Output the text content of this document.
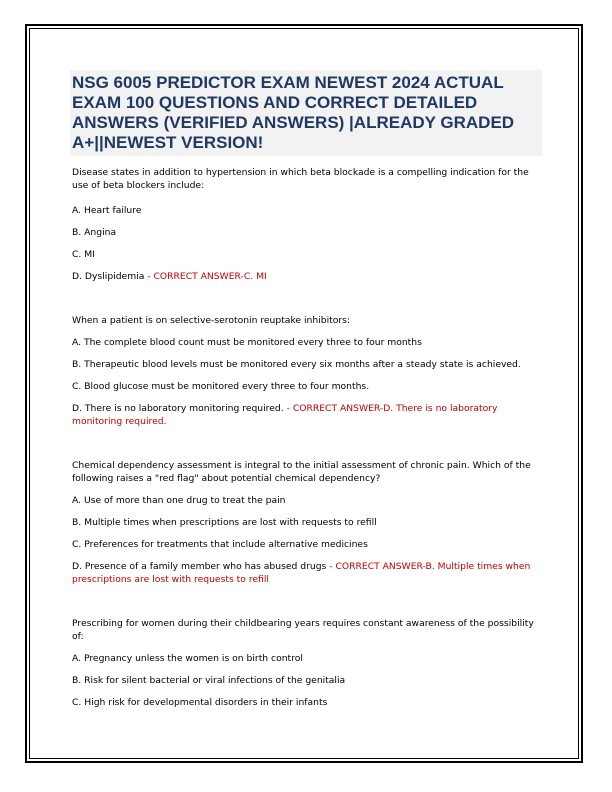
NSG 6005 PREDICTOR EXAM NEWEST 2024 ACTUAL EXAM 100 QUESTIONS AND CORRECT DETAILED ANSWERS (VERIFIED ANSWERS) |ALREADY GRADED A+||NEWEST VERSION!

Disease states in addition to hypertension in which beta blockade is a compelling indication for the use of beta blockers include:

A. Heart failure

B. Angina

C. MI

D. Dyslipidemia - CORRECT ANSWER-C. MI

When a patient is on selective-serotonin reuptake inhibitors:

A. The complete blood count must be monitored every three to four months

B. Therapeutic blood levels must be monitored every six months after a steady state is achieved.

C. Blood glucose must be monitored every three to four months.

D. There is no laboratory monitoring required. - CORRECT ANSWER-D. There is no laboratory monitoring required.

Chemical dependency assessment is integral to the initial assessment of chronic pain. Which of the following raises a "red flag" about potential chemical dependency?

A. Use of more than one drug to treat the pain

B. Multiple times when prescriptions are lost with requests to refill

C. Preferences for treatments that include alternative medicines

D. Presence of a family member who has abused drugs - CORRECT ANSWER-B. Multiple times when prescriptions are lost with requests to refill

Prescribing for women during their childbearing years requires constant awareness of the possibility of:

A. Pregnancy unless the women is on birth control

B. Risk for silent bacterial or viral infections of the genitalia

C. High risk for developmental disorders in their infants
